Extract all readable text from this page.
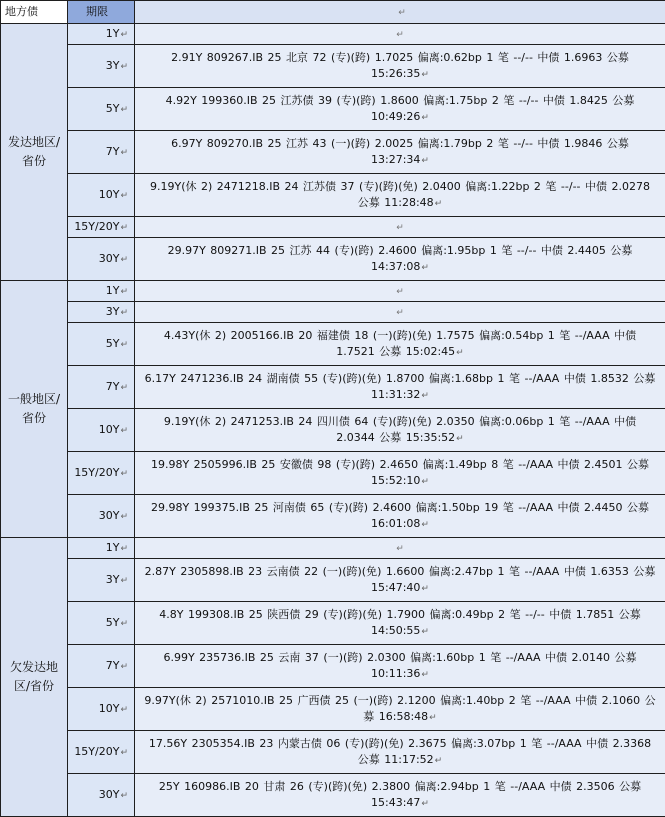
地方债	期限	↵
发达地区/省份	1Y↵	↵
	3Y↵	2.91Y 809267.IB 25 北京 72 (专)(跨) 1.7025 偏离:0.62bp 1 笔 --/-- 中债 1.6963 公募 15:26:35↵
	5Y↵	4.92Y 199360.IB 25 江苏债 39 (专)(跨) 1.8600 偏离:1.75bp 2 笔 --/-- 中债 1.8425 公募 10:49:26↵
	7Y↵	6.97Y 809270.IB 25 江苏 43 (一)(跨) 2.0025 偏离:1.79bp 2 笔 --/-- 中债 1.9846 公募 13:27:34↵
	10Y↵	9.19Y(休 2) 2471218.IB 24 江苏债 37 (专)(跨)(免) 2.0400 偏离:1.22bp 2 笔 --/-- 中债 2.0278 公募 11:28:48↵
	15Y/20Y↵	↵
	30Y↵	29.97Y 809271.IB 25 江苏 44 (专)(跨) 2.4600 偏离:1.95bp 1 笔 --/-- 中债 2.4405 公募 14:37:08↵
一般地区/省份	1Y↵	↵
	3Y↵	↵
	5Y↵	4.43Y(休 2) 2005166.IB 20 福建债 18 (一)(跨)(免) 1.7575 偏离:0.54bp 1 笔 --/AAA 中债 1.7521 公募 15:02:45↵
	7Y↵	6.17Y 2471236.IB 24 湖南债 55 (专)(跨)(免) 1.8700 偏离:1.68bp 1 笔 --/AAA 中债 1.8532 公募 11:31:32↵
	10Y↵	9.19Y(休 2) 2471253.IB 24 四川债 64 (专)(跨)(免) 2.0350 偏离:0.06bp 1 笔 --/AAA 中债 2.0344 公募 15:35:52↵
	15Y/20Y↵	19.98Y 2505996.IB 25 安徽债 98 (专)(跨) 2.4650 偏离:1.49bp 8 笔 --/AAA 中债 2.4501 公募 15:52:10↵
	30Y↵	29.98Y 199375.IB 25 河南债 65 (专)(跨) 2.4600 偏离:1.50bp 19 笔 --/AAA 中债 2.4450 公募 16:01:08↵
欠发达地区/省份	1Y↵	↵
	3Y↵	2.87Y 2305898.IB 23 云南债 22 (一)(跨)(免) 1.6600 偏离:2.47bp 1 笔 --/AAA 中债 1.6353 公募 15:47:40↵
	5Y↵	4.8Y 199308.IB 25 陕西债 29 (专)(跨)(免) 1.7900 偏离:0.49bp 2 笔 --/-- 中债 1.7851 公募 14:50:55↵
	7Y↵	6.99Y 235736.IB 25 云南 37 (一)(跨) 2.0300 偏离:1.60bp 1 笔 --/AAA 中债 2.0140 公募 10:11:36↵
	10Y↵	9.97Y(休 2) 2571010.IB 25 广西债 25 (一)(跨) 2.1200 偏离:1.40bp 2 笔 --/AAA 中债 2.1060 公募 16:58:48↵
	15Y/20Y↵	17.56Y 2305354.IB 23 内蒙古债 06 (专)(跨)(免) 2.3675 偏离:3.07bp 1 笔 --/AAA 中债 2.3368 公募 11:17:52↵
	30Y↵	25Y 160986.IB 20 甘肃 26 (专)(跨)(免) 2.3800 偏离:2.94bp 1 笔 --/AAA 中债 2.3506 公募 15:43:47↵
